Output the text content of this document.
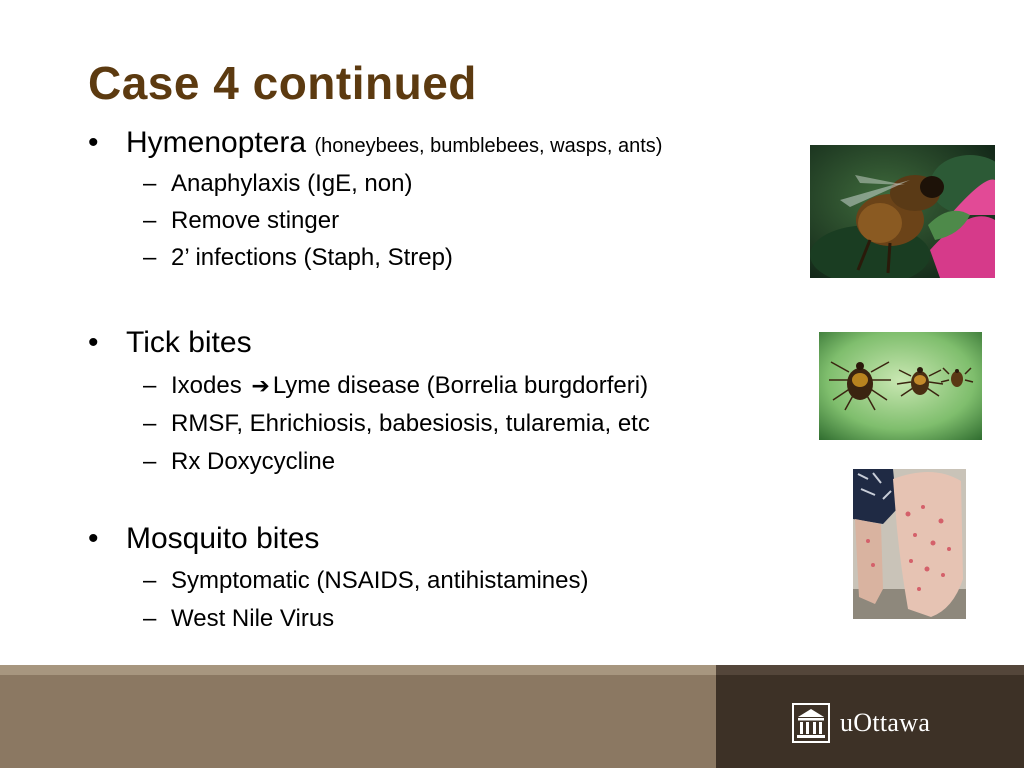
Case 4 continued
• Hymenoptera (honeybees, bumblebees, wasps, ants)
– Anaphylaxis (IgE, non)
– Remove stinger
– 2’ infections (Staph, Strep)
• Tick bites
– Ixodes ➔ Lyme disease (Borrelia burgdorferi)
– RMSF, Ehrichiosis, babesiosis, tularemia, etc
– Rx Doxycycline
• Mosquito bites
– Symptomatic (NSAIDS, antihistamines)
– West Nile Virus
uOttawa
